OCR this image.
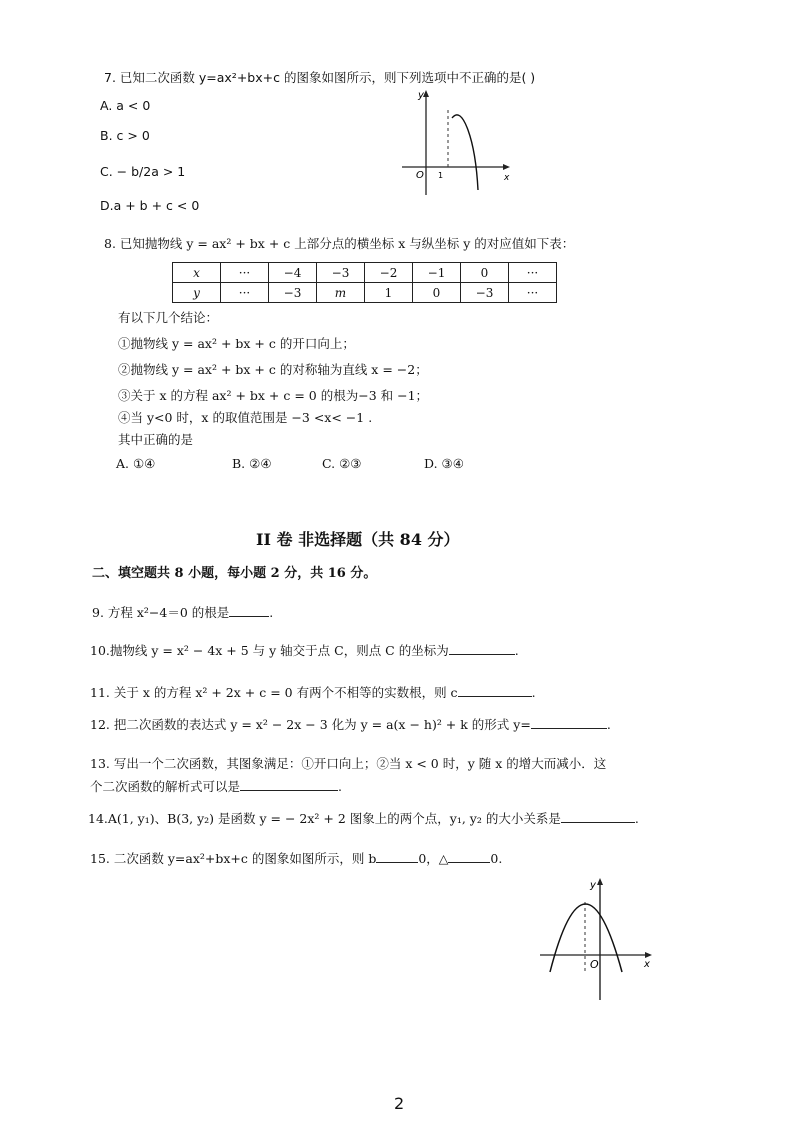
7. 已知二次函数 y=ax²+bx+c 的图象如图所示，则下列选项中不正确的是( )
A. a < 0
B. c > 0
C. − b/2a > 1
D.a + b + c < 0
y
x
O 1
8. 已知抛物线 y = ax² + bx + c 上部分点的横坐标 x 与纵坐标 y 的对应值如下表：
x	···	−4	−3	−2	−1	0	···
y	···	−3	m	1	0	−3	···
有以下几个结论：
①抛物线 y = ax² + bx + c 的开口向上；
②抛物线 y = ax² + bx + c 的对称轴为直线 x = −2；
③关于 x 的方程 ax² + bx + c = 0 的根为−3 和 −1；
④当 y<0 时，x 的取值范围是 −3 <x< −1 .
其中正确的是
A. ①④	B. ②④	C. ②③	D. ③④
II 卷 非选择题（共 84 分）
二、填空题共 8 小题，每小题 2 分，共 16 分。
9. 方程 x²−4＝0 的根是	.
10.抛物线 y = x² − 4x + 5 与 y 轴交于点 C，则点 C 的坐标为	.
11. 关于 x 的方程 x² + 2x + c = 0 有两个不相等的实数根，则 c	.
12. 把二次函数的表达式 y = x² − 2x − 3 化为 y = a(x − h)² + k 的形式 y=	.
13. 写出一个二次函数，其图象满足：①开口向上；②当 x < 0 时，y 随 x 的增大而减小．这
个二次函数的解析式可以是	.
14.A(1, y₁)、B(3, y₂) 是函数 y = − 2x² + 2 图象上的两个点，y₁, y₂ 的大小关系是	.
15. 二次函数 y=ax²+bx+c 的图象如图所示，则 b	0，△	0.
y
x
O
2
